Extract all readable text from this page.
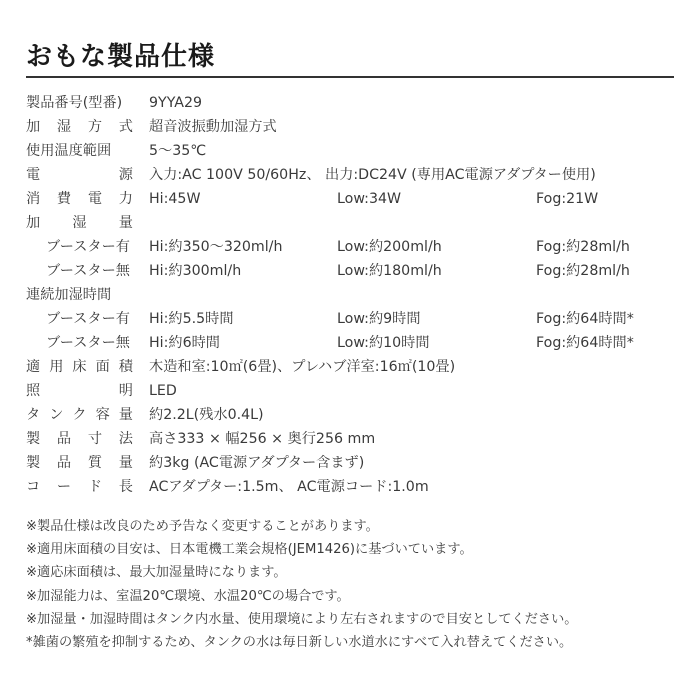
おもな製品仕様
製品番号(型番)	9YYA29
加 湿 方 式 超音波振動加湿方式
使用温度範囲	5～35℃
電	源 入力:AC 100V 50/60Hz、 出力:DC24V (専用AC電源アダプター使用)
消 費 電 力 Hi:45W	Low:34W	Fog:21W
加 湿 量
ブースター有	Hi:約350～320ml/h	Low:約200ml/h	Fog:約28ml/h
ブースター無	Hi:約300ml/h	Low:約180ml/h	Fog:約28ml/h
連続加湿時間
ブースター有	Hi:約5.5時間	Low:約9時間	Fog:約64時間*
ブースター無	Hi:約6時間	Low:約10時間	Fog:約64時間*
適 用 床 面 積 木造和室:10㎡(6畳)、プレハブ洋室:16㎡(10畳)
照	明 LED
タ ン ク 容 量 約2.2L(残水0.4L)
製 品 寸 法 高さ333 × 幅256 × 奥行256 mm
製 品 質 量 約3kg (AC電源アダプター含まず)
コ ー ド 長 ACアダプター:1.5m、 AC電源コード:1.0m
※製品仕様は改良のため予告なく変更することがあります。
※適用床面積の目安は、日本電機工業会規格(JEM1426)に基づいています。
※適応床面積は、最大加湿量時になります。
※加湿能力は、室温20℃環境、水温20℃の場合です。
※加湿量・加湿時間はタンク内水量、使用環境により左右されますので目安としてください。
*雑菌の繁殖を抑制するため、タンクの水は毎日新しい水道水にすべて入れ替えてください。
